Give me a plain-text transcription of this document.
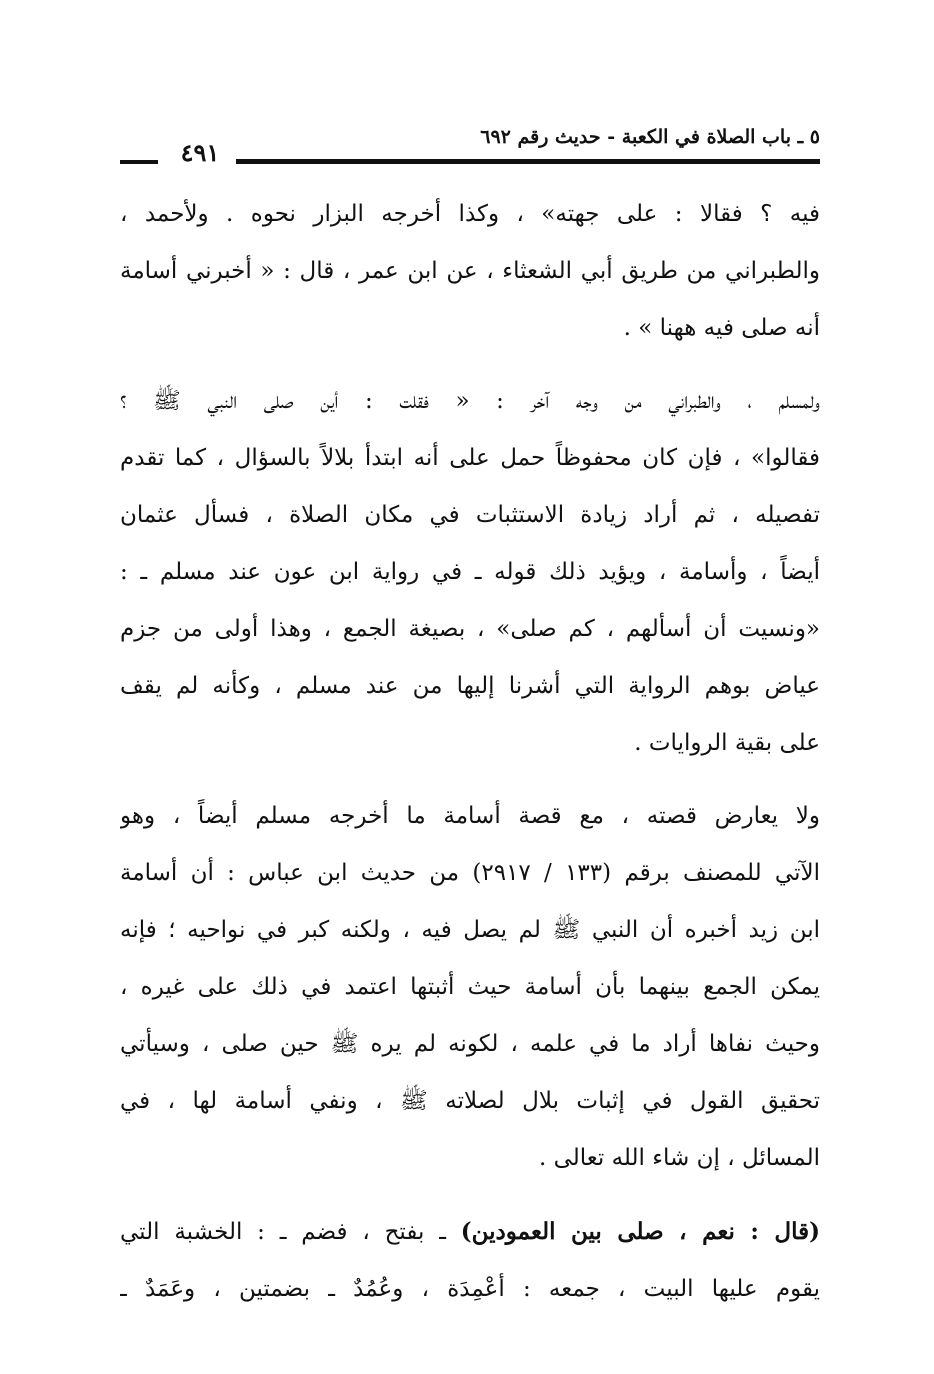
٥ ـ باب الصلاة في الكعبة - حديث رقم ٦٩٢
٤٩١
فيه ؟ فقالا : على جهته» ، وكذا أخرجه البزار نحوه . ولأحمد ،
والطبراني من طريق أبي الشعثاء ، عن ابن عمر ، قال : « أخبرني أسامة
أنه صلى فيه ههنا » .
ولمسلم ، والطبراني من وجه آخر : « فقلت : أين صلى النبي ﷺ ؟
فقالوا» ، فإن كان محفوظاً حمل على أنه ابتدأ بلالاً بالسؤال ، كما تقدم
تفصيله ، ثم أراد زيادة الاستثبات في مكان الصلاة ، فسأل عثمان
أيضاً ، وأسامة ، ويؤيد ذلك قوله ـ في رواية ابن عون عند مسلم ـ :
«ونسيت أن أسألهم ، كم صلى» ، بصيغة الجمع ، وهذا أولى من جزم
عياض بوهم الرواية التي أشرنا إليها من عند مسلم ، وكأنه لم يقف
على بقية الروايات .
ولا يعارض قصته ، مع قصة أسامة ما أخرجه مسلم أيضاً ، وهو
الآتي للمصنف برقم (١٣٣ / ٢٩١٧) من حديث ابن عباس : أن أسامة
ابن زيد أخبره أن النبي ﷺ لم يصل فيه ، ولكنه كبر في نواحيه ؛ فإنه
يمكن الجمع بينهما بأن أسامة حيث أثبتها اعتمد في ذلك على غيره ،
وحيث نفاها أراد ما في علمه ، لكونه لم يره ﷺ حين صلى ، وسيأتي
تحقيق القول في إثبات بلال لصلاته ﷺ ، ونفي أسامة لها ، في
المسائل ، إن شاء الله تعالى .
(قال : نعم ، صلى بين العمودين) ـ بفتح ، فضم ـ : الخشبة التي
يقوم عليها البيت ، جمعه : أعْمِدَة ، وعُمُدٌ ـ بضمتين ، وعَمَدٌ ـ
